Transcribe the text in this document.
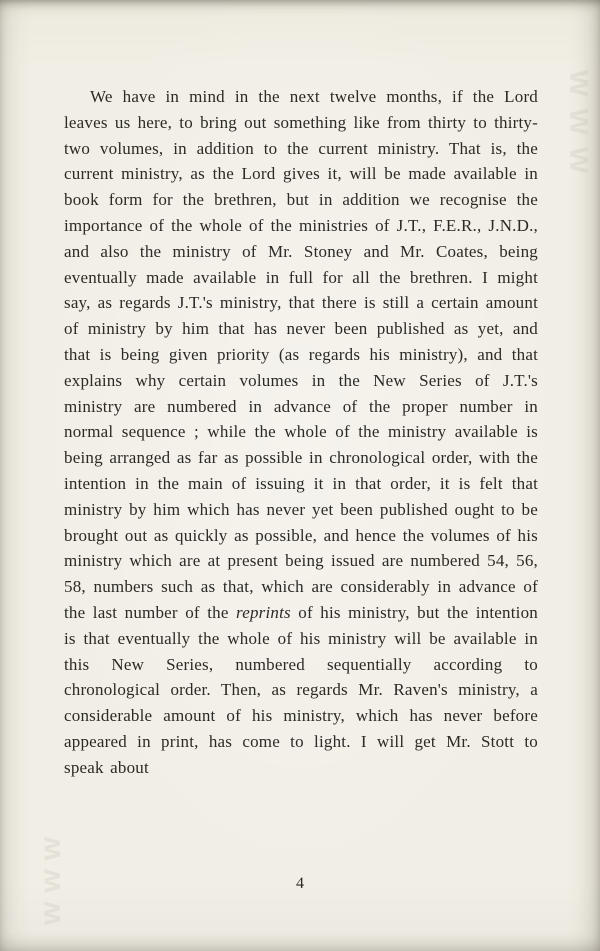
www
www

We have in mind in the next twelve months, if the Lord leaves us here, to bring out something like from thirty to thirty-two volumes, in addition to the current ministry. That is, the current ministry, as the Lord gives it, will be made available in book form for the brethren, but in addition we recognise the importance of the whole of the ministries of J.T., F.E.R., J.N.D., and also the ministry of Mr. Stoney and Mr. Coates, being eventually made available in full for all the brethren. I might say, as regards J.T.'s ministry, that there is still a certain amount of ministry by him that has never been published as yet, and that is being given priority (as regards his ministry), and that explains why certain volumes in the New Series of J.T.'s ministry are numbered in advance of the proper number in normal sequence ; while the whole of the ministry available is being arranged as far as possible in chronological order, with the intention in the main of issuing it in that order, it is felt that ministry by him which has never yet been published ought to be brought out as quickly as possible, and hence the volumes of his ministry which are at present being issued are numbered 54, 56, 58, numbers such as that, which are considerably in advance of the last number of the reprints of his ministry, but the intention is that eventually the whole of his ministry will be available in this New Series, numbered sequentially according to chronological order. Then, as regards Mr. Raven's ministry, a considerable amount of his ministry, which has never before appeared in print, has come to light. I will get Mr. Stott to speak about

4
